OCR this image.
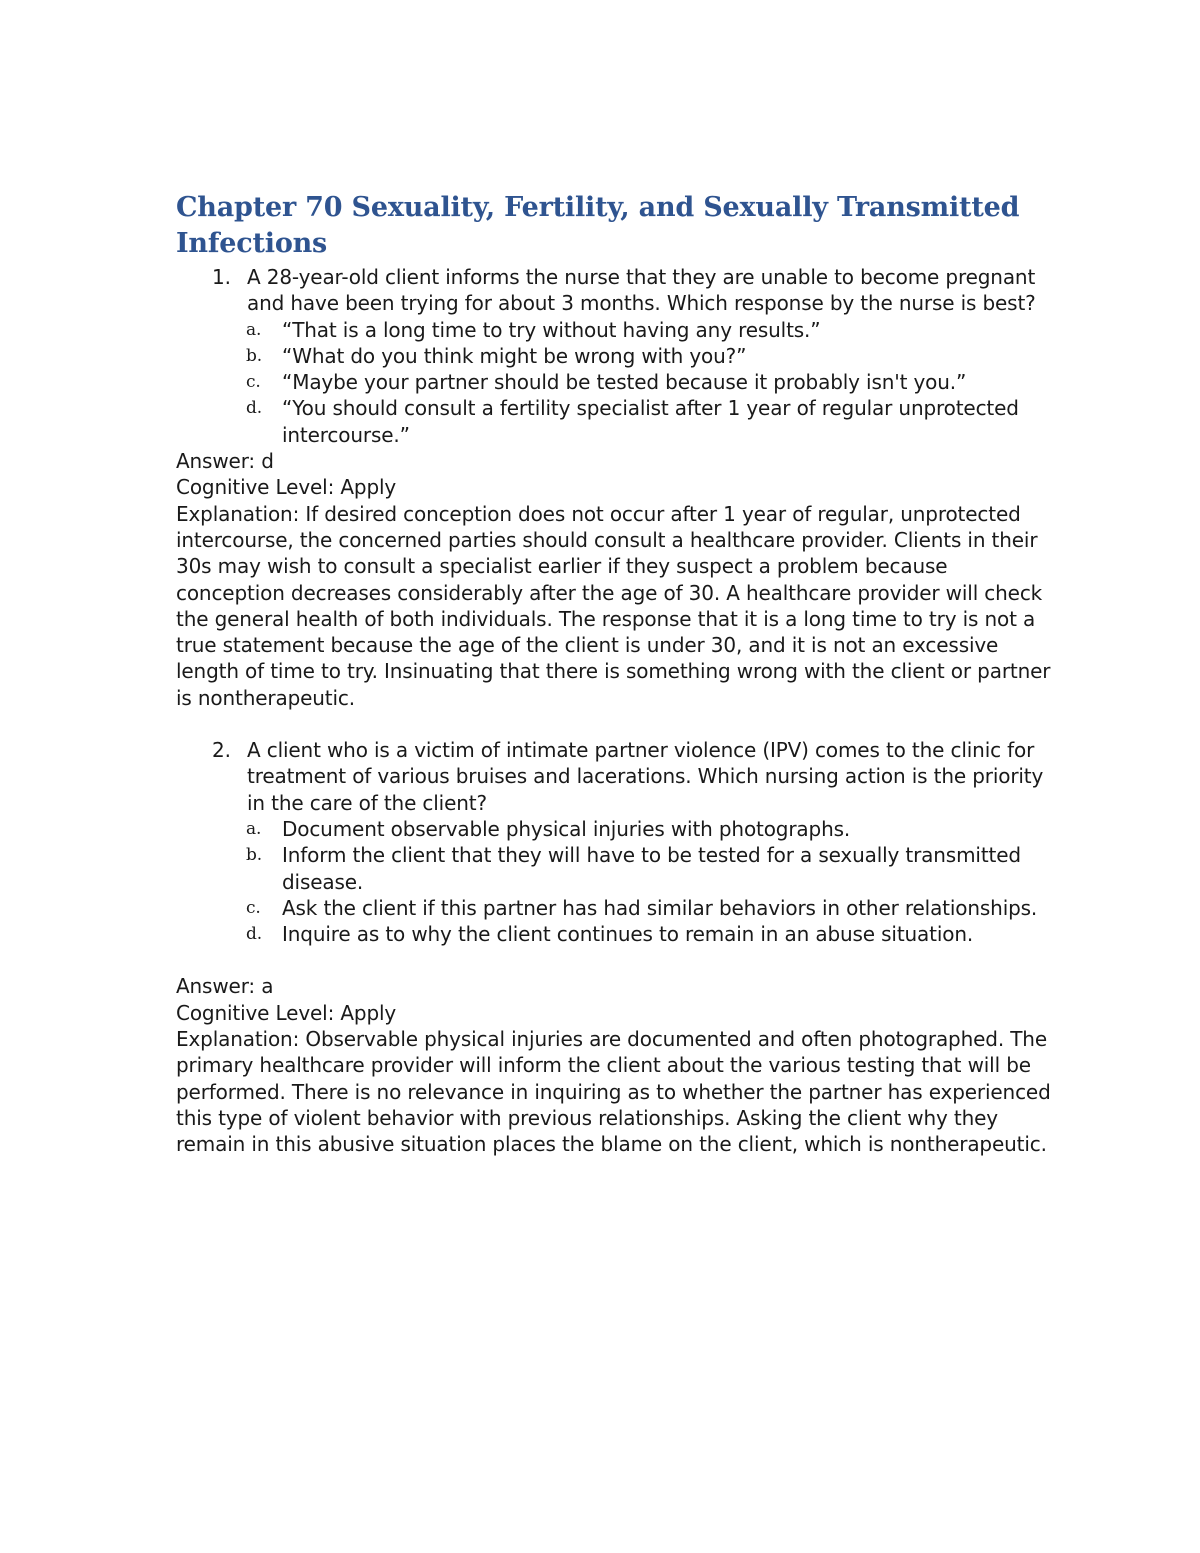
Chapter 70 Sexuality, Fertility, and Sexually Transmitted Infections

1. A 28-year-old client informs the nurse that they are unable to become pregnant and have been trying for about 3 months. Which response by the nurse is best?

a. “That is a long time to try without having any results.”

b. “What do you think might be wrong with you?”

c. “Maybe your partner should be tested because it probably isn't you.”

d. “You should consult a fertility specialist after 1 year of regular unprotected intercourse.”

Answer: d

Cognitive Level: Apply

Explanation: If desired conception does not occur after 1 year of regular, unprotected intercourse, the concerned parties should consult a healthcare provider. Clients in their 30s may wish to consult a specialist earlier if they suspect a problem because conception decreases considerably after the age of 30. A healthcare provider will check the general health of both individuals. The response that it is a long time to try is not a true statement because the age of the client is under 30, and it is not an excessive length of time to try. Insinuating that there is something wrong with the client or partner is nontherapeutic.

2. A client who is a victim of intimate partner violence (IPV) comes to the clinic for treatment of various bruises and lacerations. Which nursing action is the priority in the care of the client?

a. Document observable physical injuries with photographs.

b. Inform the client that they will have to be tested for a sexually transmitted disease.

c. Ask the client if this partner has had similar behaviors in other relationships.

d. Inquire as to why the client continues to remain in an abuse situation.

Answer: a

Cognitive Level: Apply

Explanation: Observable physical injuries are documented and often photographed. The primary healthcare provider will inform the client about the various testing that will be performed. There is no relevance in inquiring as to whether the partner has experienced this type of violent behavior with previous relationships. Asking the client why they remain in this abusive situation places the blame on the client, which is nontherapeutic.
